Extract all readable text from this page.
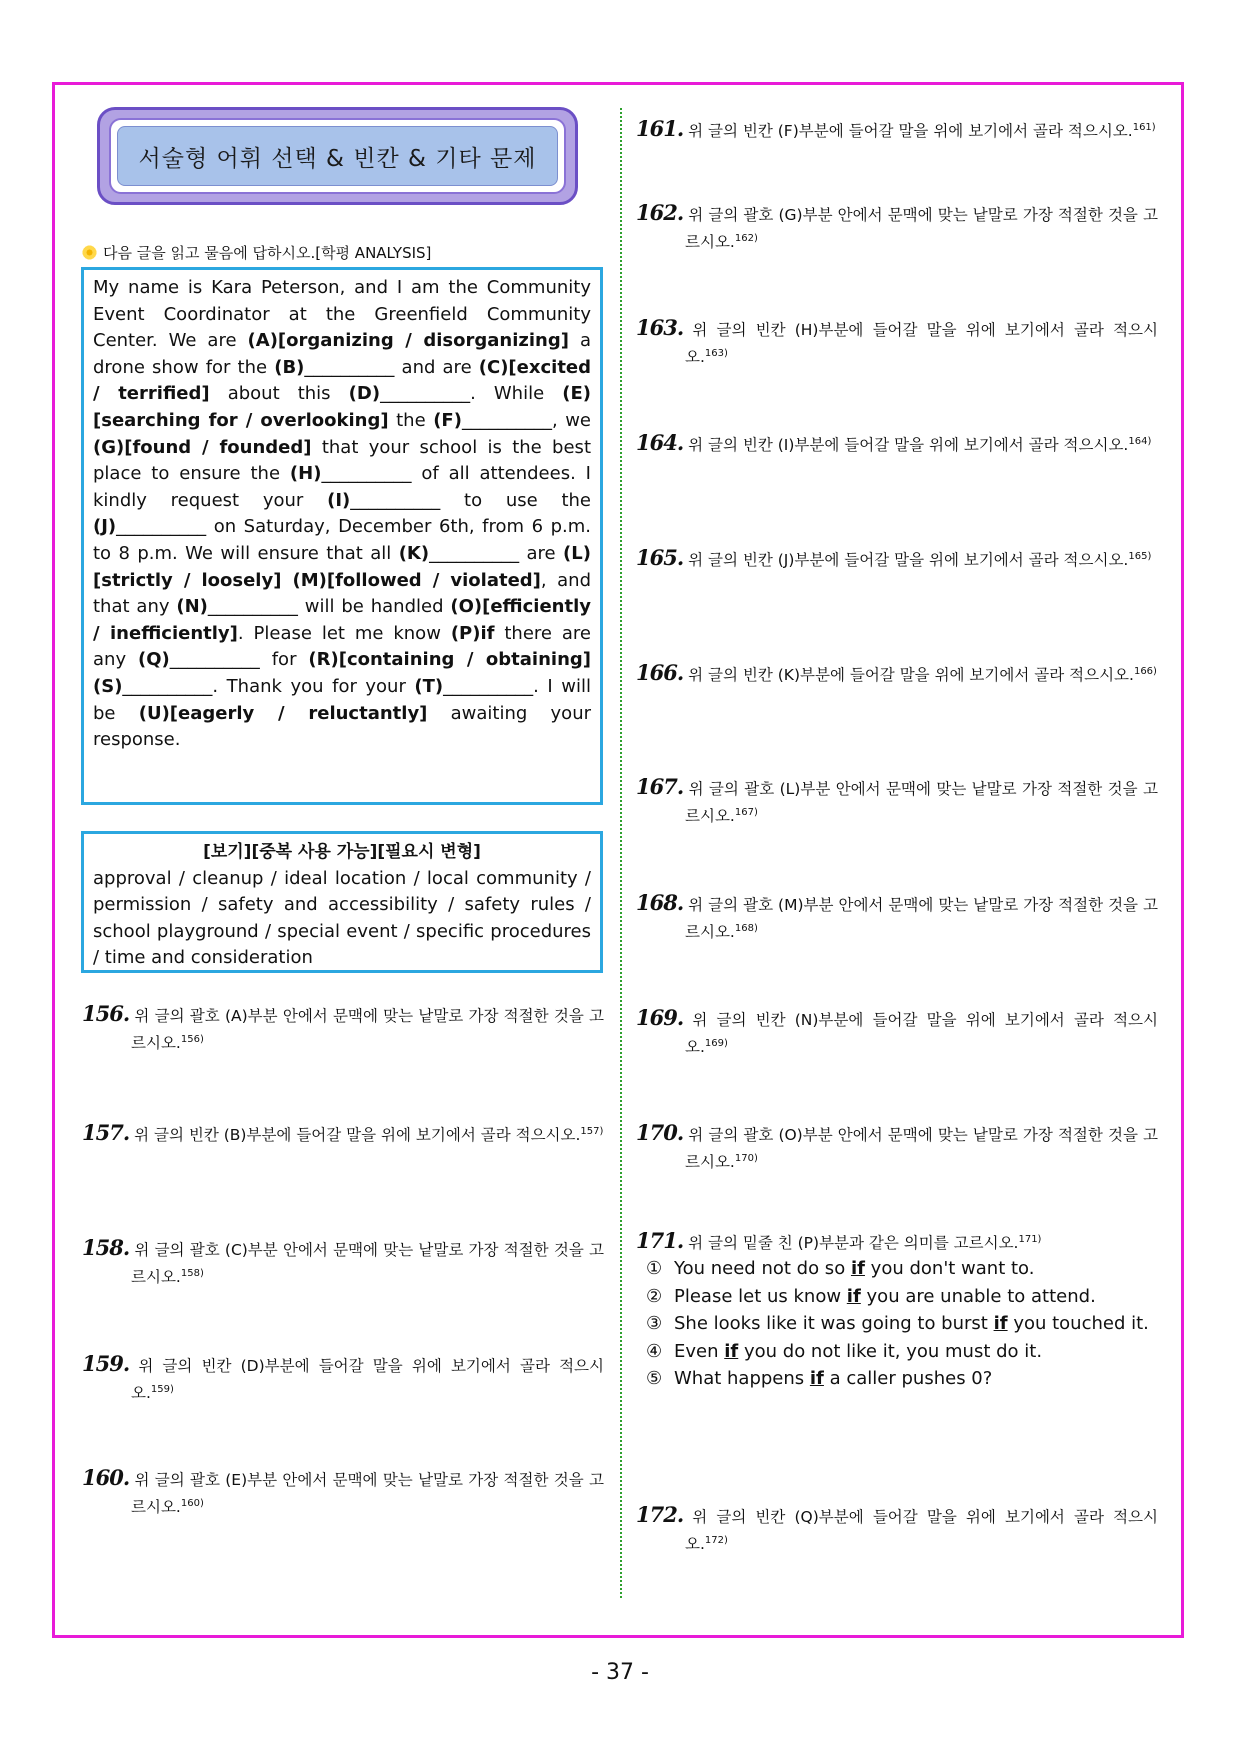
서술형 어휘 선택 & 빈칸 & 기타 문제
다음 글을 읽고 물음에 답하시오.[학평 ANALYSIS]
My name is Kara Peterson, and I am the Community Event Coordinator at the Greenfield Community Center. We are (A)[organizing / disorganizing] a drone show for the (B)__________ and are (C)[excited / terrified] about this (D)__________. While (E)[searching for / overlooking] the (F)__________, we (G)[found / founded] that your school is the best place to ensure the (H)__________ of all attendees. I kindly request your (I)__________ to use the (J)__________ on Saturday, December 6th, from 6 p.m. to 8 p.m. We will ensure that all (K)__________ are (L)[strictly / loosely] (M)[followed / violated], and that any (N)__________ will be handled (O)[efficiently / inefficiently]. Please let me know (P)if there are any (Q)__________ for (R)[containing / obtaining] (S)__________. Thank you for your (T)__________. I will be (U)[eagerly / reluctantly] awaiting your response.
[보기][중복 사용 가능][필요시 변형]
approval / cleanup / ideal location / local community / permission / safety and accessibility / safety rules / school playground / special event / specific procedures / time and consideration
156. 위 글의 괄호 (A)부분 안에서 문맥에 맞는 낱말로 가장 적절한 것을 고르시오.$^{156)}$
157. 위 글의 빈칸 (B)부분에 들어갈 말을 위에 보기에서 골라 적으시오.$^{157)}$
158. 위 글의 괄호 (C)부분 안에서 문맥에 맞는 낱말로 가장 적절한 것을 고르시오.$^{158)}$
159. 위 글의 빈칸 (D)부분에 들어갈 말을 위에 보기에서 골라 적으시오.$^{159)}$
160. 위 글의 괄호 (E)부분 안에서 문맥에 맞는 낱말로 가장 적절한 것을 고르시오.$^{160)}$
161. 위 글의 빈칸 (F)부분에 들어갈 말을 위에 보기에서 골라 적으시오.$^{161)}$
162. 위 글의 괄호 (G)부분 안에서 문맥에 맞는 낱말로 가장 적절한 것을 고르시오.$^{162)}$
163. 위 글의 빈칸 (H)부분에 들어갈 말을 위에 보기에서 골라 적으시오.$^{163)}$
164. 위 글의 빈칸 (I)부분에 들어갈 말을 위에 보기에서 골라 적으시오.$^{164)}$
165. 위 글의 빈칸 (J)부분에 들어갈 말을 위에 보기에서 골라 적으시오.$^{165)}$
166. 위 글의 빈칸 (K)부분에 들어갈 말을 위에 보기에서 골라 적으시오.$^{166)}$
167. 위 글의 괄호 (L)부분 안에서 문맥에 맞는 낱말로 가장 적절한 것을 고르시오.$^{167)}$
168. 위 글의 괄호 (M)부분 안에서 문맥에 맞는 낱말로 가장 적절한 것을 고르시오.$^{168)}$
169. 위 글의 빈칸 (N)부분에 들어갈 말을 위에 보기에서 골라 적으시오.$^{169)}$
170. 위 글의 괄호 (O)부분 안에서 문맥에 맞는 낱말로 가장 적절한 것을 고르시오.$^{170)}$
171. 위 글의 밑줄 친 (P)부분과 같은 의미를 고르시오.$^{171)}$
① You need not do so if you don't want to.
② Please let us know if you are unable to attend.
③ She looks like it was going to burst if you touched it.
④ Even if you do not like it, you must do it.
⑤ What happens if a caller pushes 0?
172. 위 글의 빈칸 (Q)부분에 들어갈 말을 위에 보기에서 골라 적으시오.$^{172)}$
- 37 -
